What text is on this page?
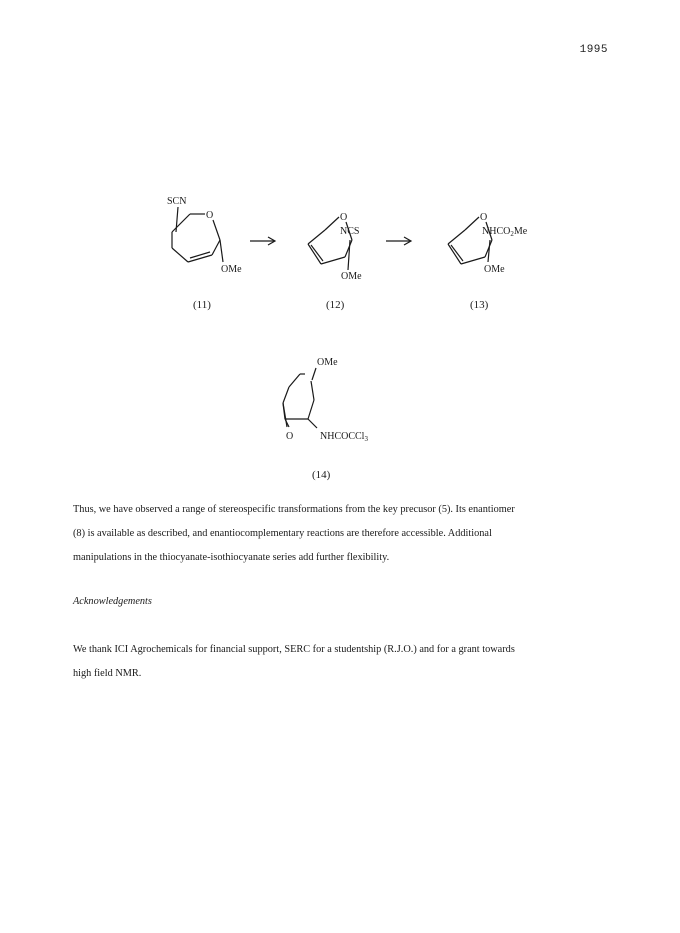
1995
SCN
O
OMe
(11)
O
NCS
OMe
(12)
O
$NHCO_2Me$
OMe
(13)
OMe
O	NHCOCCl$_3$
(14)

Thus, we have observed a range of stereospecific transformations from the key precusor (5). Its enantiomer
(8) is available as described, and enantiocomplementary reactions are therefore accessible. Additional
manipulations in the thiocyanate-isothiocyanate series add further flexibility.

Acknowledgements

We thank ICI Agrochemicals for financial support, SERC for a studentship (R.J.O.) and for a grant towards
high field NMR.
